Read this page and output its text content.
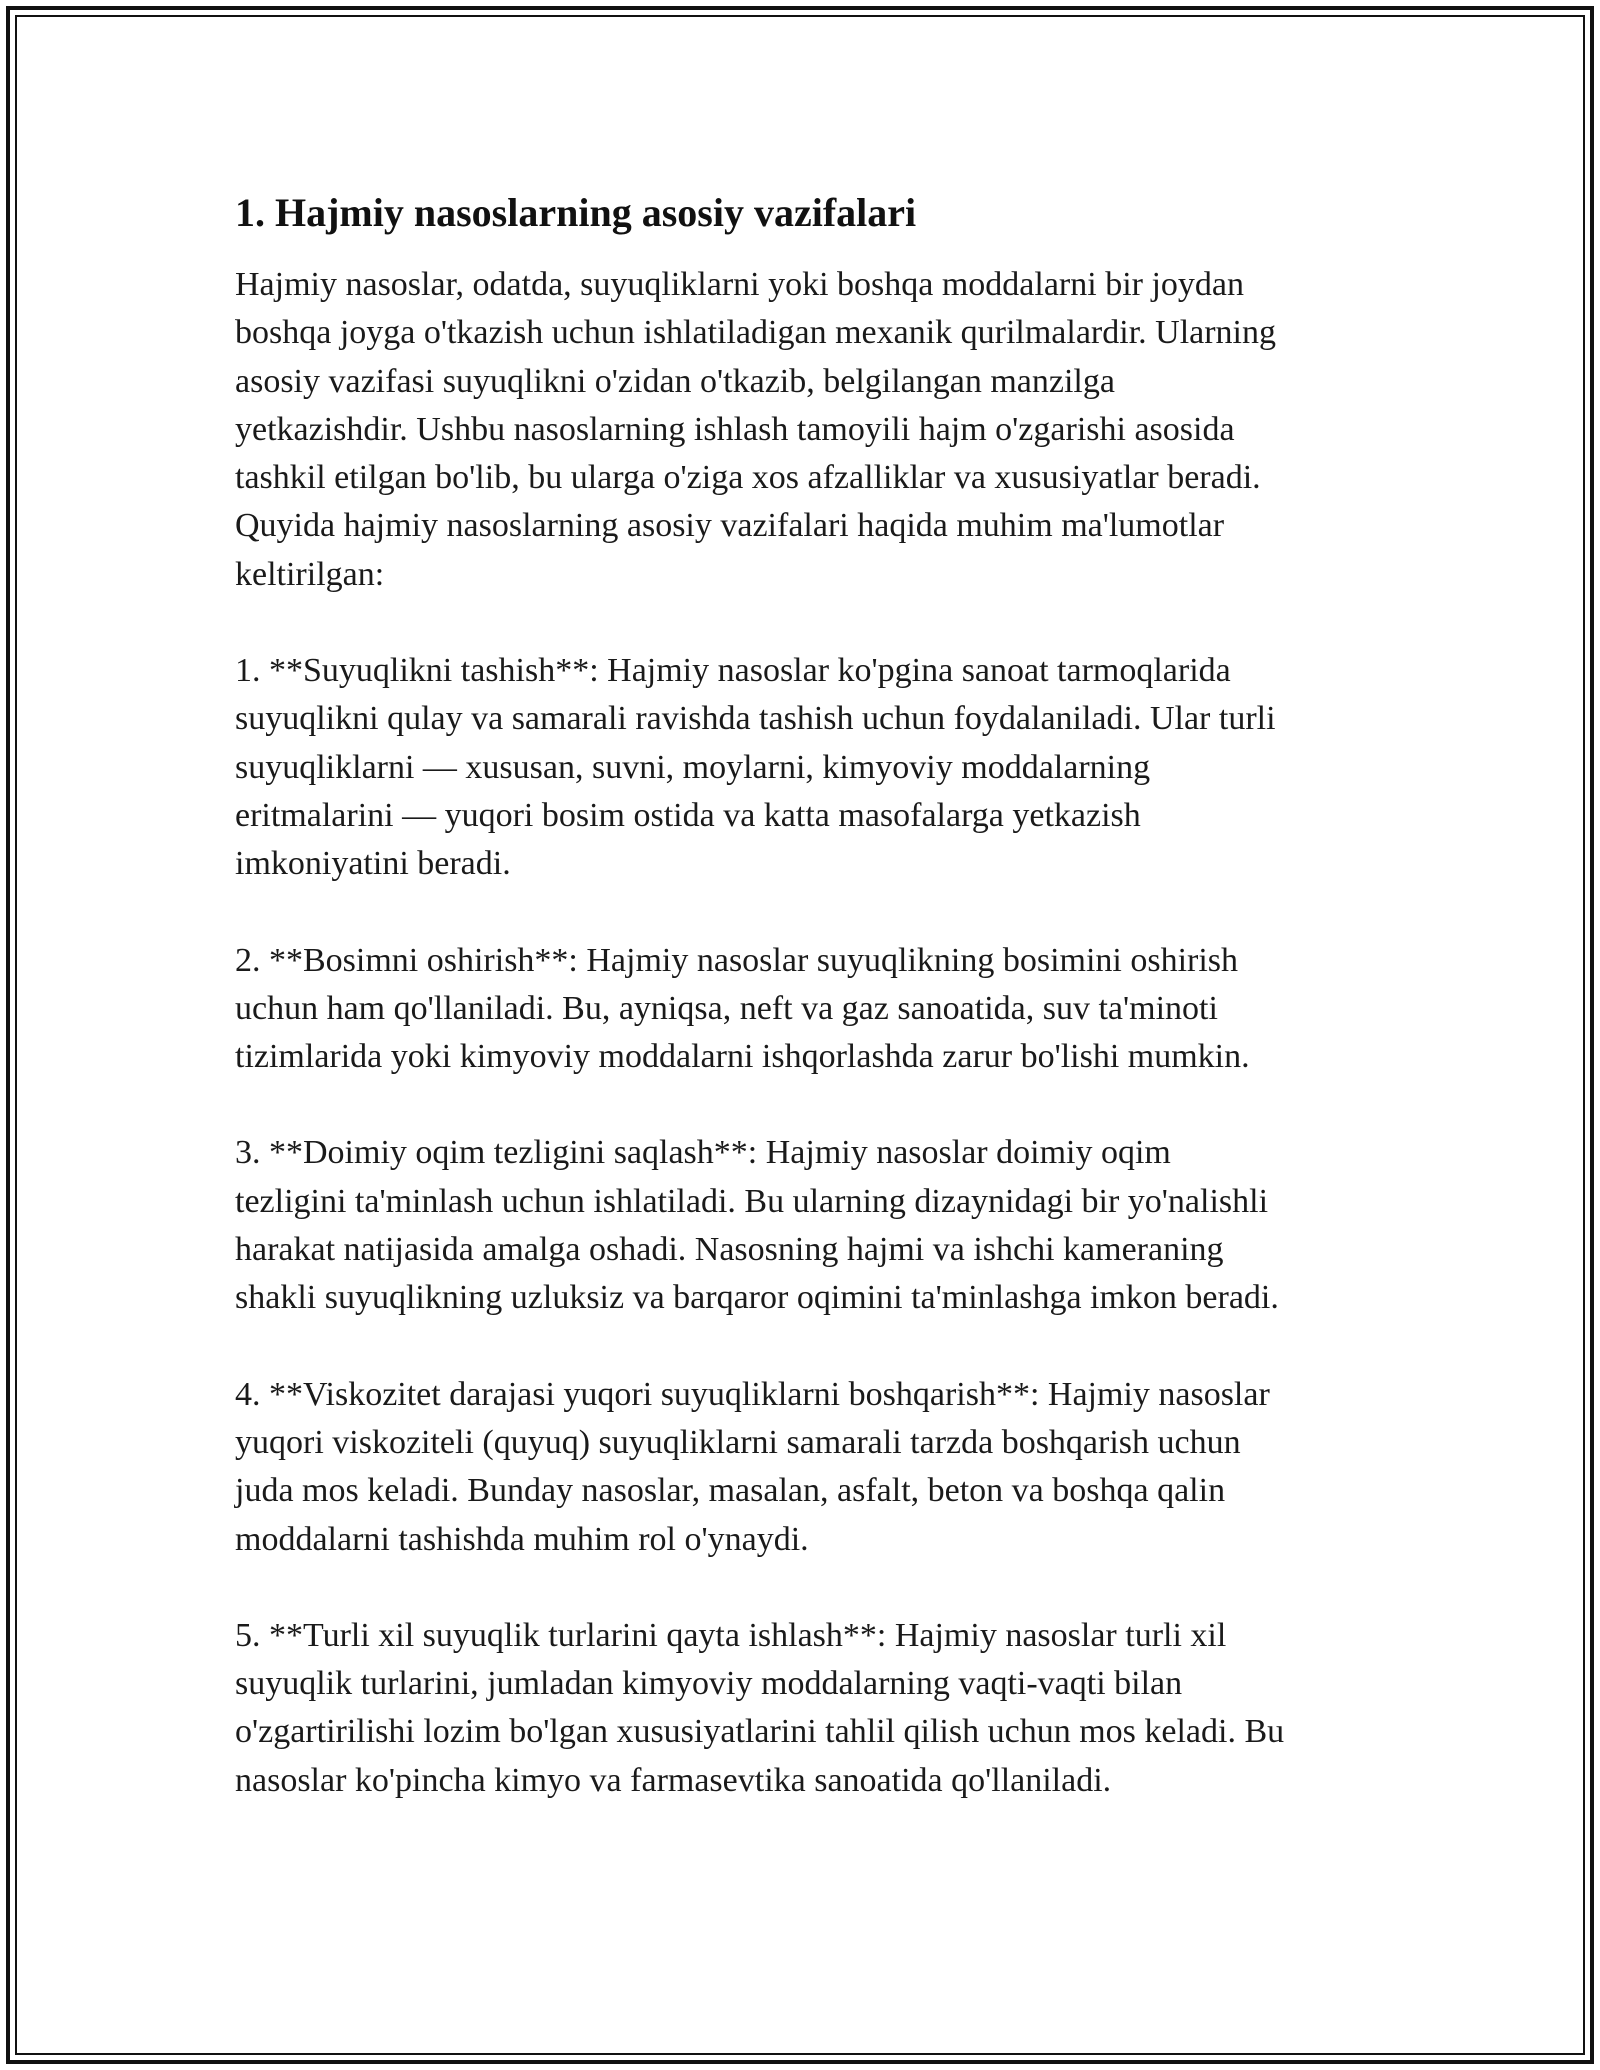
1. Hajmiy nasoslarning asosiy vazifalari

Hajmiy nasoslar, odatda, suyuqliklarni yoki boshqa moddalarni bir joydan
boshqa joyga o'tkazish uchun ishlatiladigan mexanik qurilmalardir. Ularning
asosiy vazifasi suyuqlikni o'zidan o'tkazib, belgilangan manzilga
yetkazishdir. Ushbu nasoslarning ishlash tamoyili hajm o'zgarishi asosida
tashkil etilgan bo'lib, bu ularga o'ziga xos afzalliklar va xususiyatlar beradi.
Quyida hajmiy nasoslarning asosiy vazifalari haqida muhim ma'lumotlar
keltirilgan:

1. **Suyuqlikni tashish**: Hajmiy nasoslar ko'pgina sanoat tarmoqlarida
suyuqlikni qulay va samarali ravishda tashish uchun foydalaniladi. Ular turli
suyuqliklarni — xususan, suvni, moylarni, kimyoviy moddalarning
eritmalarini — yuqori bosim ostida va katta masofalarga yetkazish
imkoniyatini beradi.

2. **Bosimni oshirish**: Hajmiy nasoslar suyuqlikning bosimini oshirish
uchun ham qo'llaniladi. Bu, ayniqsa, neft va gaz sanoatida, suv ta'minoti
tizimlarida yoki kimyoviy moddalarni ishqorlashda zarur bo'lishi mumkin.

3. **Doimiy oqim tezligini saqlash**: Hajmiy nasoslar doimiy oqim
tezligini ta'minlash uchun ishlatiladi. Bu ularning dizaynidagi bir yo'nalishli
harakat natijasida amalga oshadi. Nasosning hajmi va ishchi kameraning
shakli suyuqlikning uzluksiz va barqaror oqimini ta'minlashga imkon beradi.

4. **Viskozitet darajasi yuqori suyuqliklarni boshqarish**: Hajmiy nasoslar
yuqori viskoziteli (quyuq) suyuqliklarni samarali tarzda boshqarish uchun
juda mos keladi. Bunday nasoslar, masalan, asfalt, beton va boshqa qalin
moddalarni tashishda muhim rol o'ynaydi.

5. **Turli xil suyuqlik turlarini qayta ishlash**: Hajmiy nasoslar turli xil
suyuqlik turlarini, jumladan kimyoviy moddalarning vaqti-vaqti bilan
o'zgartirilishi lozim bo'lgan xususiyatlarini tahlil qilish uchun mos keladi. Bu
nasoslar ko'pincha kimyo va farmasevtika sanoatida qo'llaniladi.
